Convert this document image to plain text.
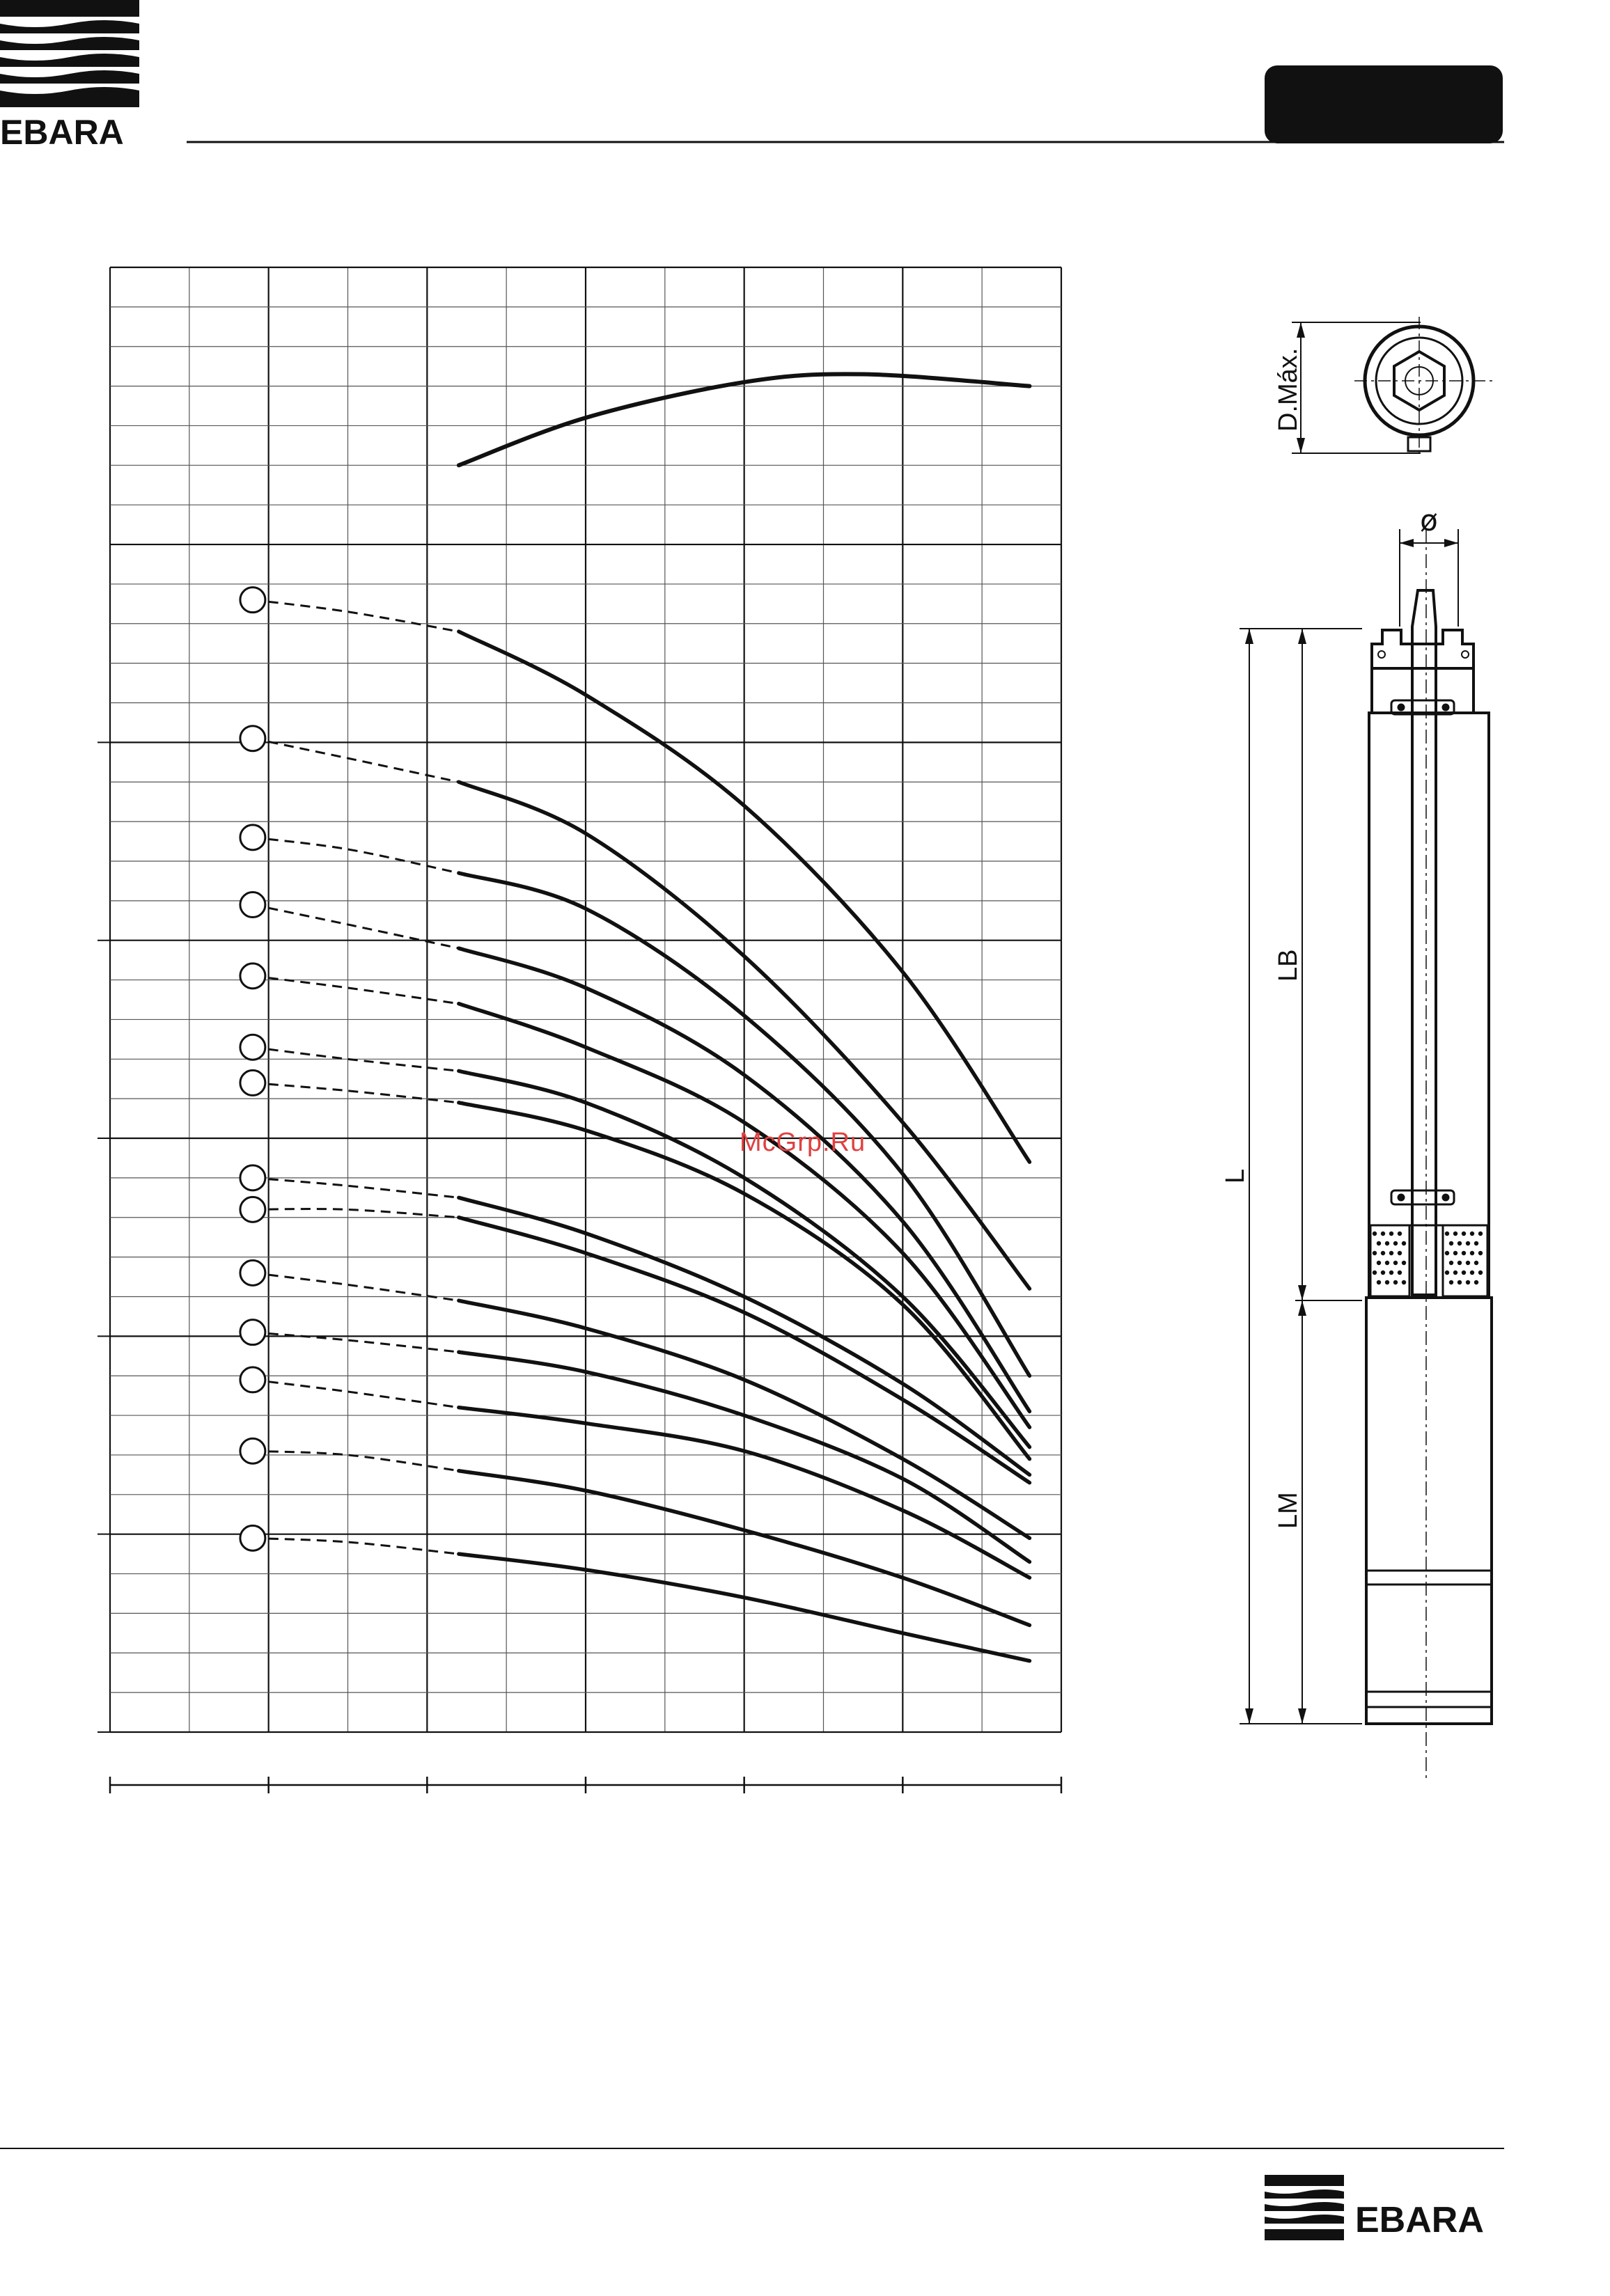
EBARA
D.Máx.
ø
L
LB
LM
EBARA
McGrp.Ru
